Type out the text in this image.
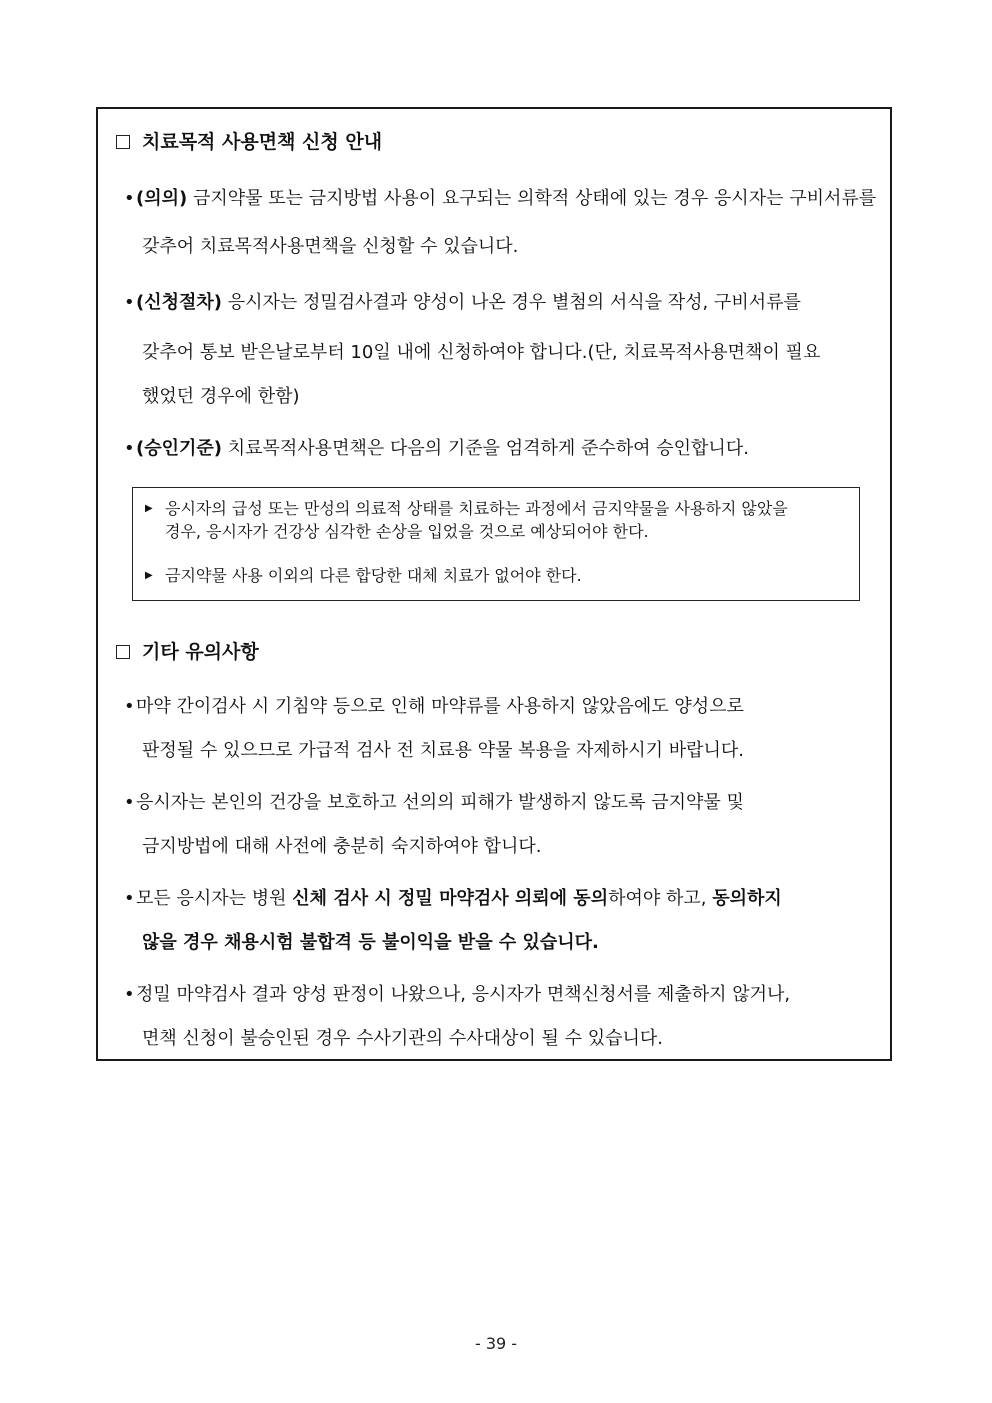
치료목적 사용면책 신청 안내
• (의의) 금지약물 또는 금지방법 사용이 요구되는 의학적 상태에 있는 경우 응시자는 구비서류를
갖추어 치료목적사용면책을 신청할 수 있습니다.
• (신청절차) 응시자는 정밀검사결과 양성이 나온 경우 별첨의 서식을 작성, 구비서류를
갖추어 통보 받은날로부터 10일 내에 신청하여야 합니다.(단, 치료목적사용면책이 필요
했었던 경우에 한함)
• (승인기준) 치료목적사용면책은 다음의 기준을 엄격하게 준수하여 승인합니다.
▶ 응시자의 급성 또는 만성의 의료적 상태를 치료하는 과정에서 금지약물을 사용하지 않았을
경우, 응시자가 건강상 심각한 손상을 입었을 것으로 예상되어야 한다.
▶ 금지약물 사용 이외의 다른 합당한 대체 치료가 없어야 한다.
기타 유의사항
• 마약 간이검사 시 기침약 등으로 인해 마약류를 사용하지 않았음에도 양성으로
판정될 수 있으므로 가급적 검사 전 치료용 약물 복용을 자제하시기 바랍니다.
• 응시자는 본인의 건강을 보호하고 선의의 피해가 발생하지 않도록 금지약물 및
금지방법에 대해 사전에 충분히 숙지하여야 합니다.
• 모든 응시자는 병원 신체 검사 시 정밀 마약검사 의뢰에 동의하여야 하고, 동의하지
않을 경우 채용시험 불합격 등 불이익을 받을 수 있습니다.
• 정밀 마약검사 결과 양성 판정이 나왔으나, 응시자가 면책신청서를 제출하지 않거나,
면책 신청이 불승인된 경우 수사기관의 수사대상이 될 수 있습니다.
- 39 -
